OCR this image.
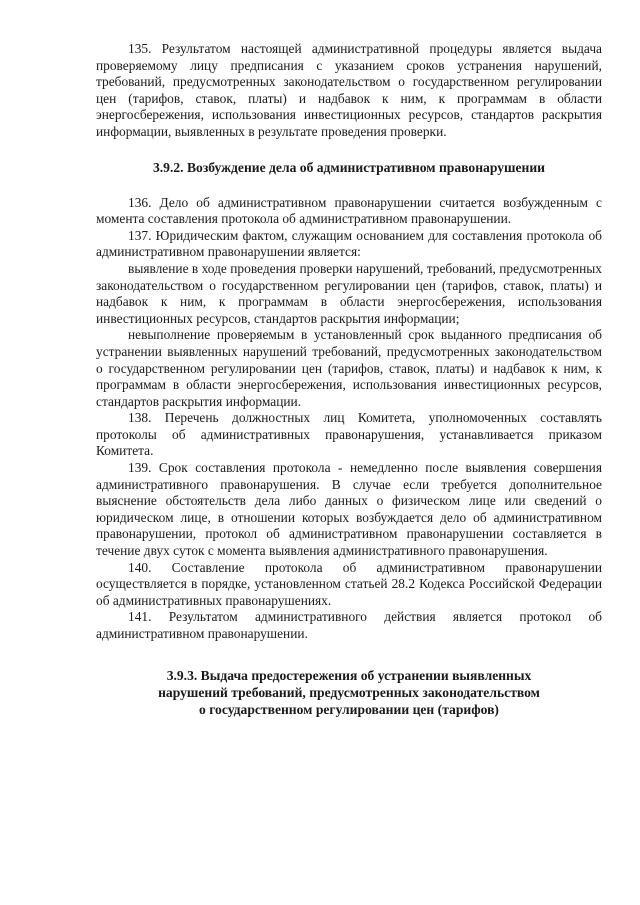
135. Результатом настоящей административной процедуры является выдача проверяемому лицу предписания с указанием сроков устранения нарушений, требований, предусмотренных законодательством о государственном регулировании цен (тарифов, ставок, платы) и надбавок к ним, к программам в области энергосбережения, использования инвестиционных ресурсов, стандартов раскрытия информации, выявленных в результате проведения проверки.

3.9.2. Возбуждение дела об административном правонарушении

136. Дело об административном правонарушении считается возбужденным с момента составления протокола об административном правонарушении.

137. Юридическим фактом, служащим основанием для составления протокола об административном правонарушении является:

выявление в ходе проведения проверки нарушений, требований, предусмотренных законодательством о государственном регулировании цен (тарифов, ставок, платы) и надбавок к ним, к программам в области энергосбережения, использования инвестиционных ресурсов, стандартов раскрытия информации;

невыполнение проверяемым в установленный срок выданного предписания об устранении выявленных нарушений требований, предусмотренных законодательством о государственном регулировании цен (тарифов, ставок, платы) и надбавок к ним, к программам в области энергосбережения, использования инвестиционных ресурсов, стандартов раскрытия информации.

138. Перечень должностных лиц Комитета, уполномоченных составлять протоколы об административных правонарушения, устанавливается приказом Комитета.

139. Срок составления протокола - немедленно после выявления совершения административного правонарушения. В случае если требуется дополнительное выяснение обстоятельств дела либо данных о физическом лице или сведений о юридическом лице, в отношении которых возбуждается дело об административном правонарушении, протокол об административном правонарушении составляется в течение двух суток с момента выявления административного правонарушения.

140. Составление протокола об административном правонарушении осуществляется в порядке, установленном статьей 28.2 Кодекса Российской Федерации об административных правонарушениях.

141. Результатом административного действия является протокол об административном правонарушении.

3.9.3. Выдача предостережения об устранении выявленных
нарушений требований, предусмотренных законодательством
о государственном регулировании цен (тарифов)
